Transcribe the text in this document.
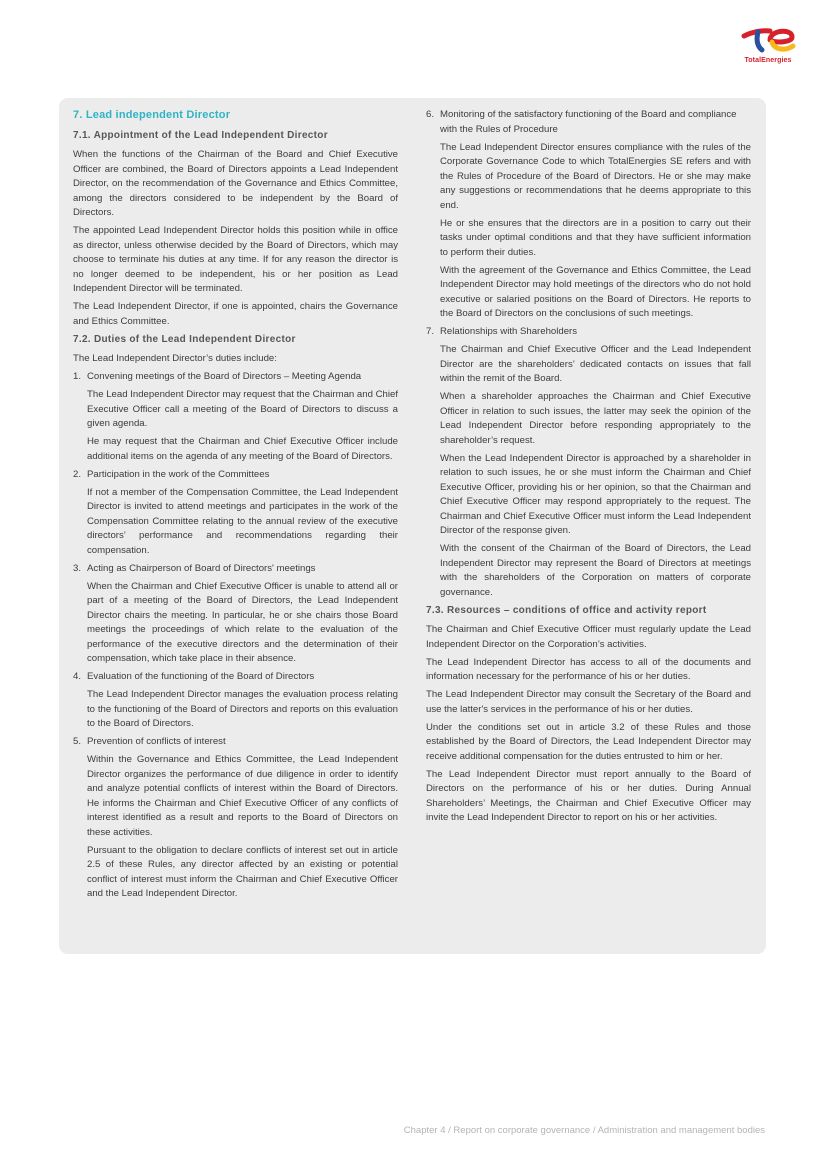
TotalEnergies
7. Lead independent Director
7.1. Appointment of the Lead Independent Director

When the functions of the Chairman of the Board and Chief Executive Officer are combined, the Board of Directors appoints a Lead Independent Director, on the recommendation of the Governance and Ethics Committee, among the directors considered to be independent by the Board of Directors.

The appointed Lead Independent Director holds this position while in office as director, unless otherwise decided by the Board of Directors, which may choose to terminate his duties at any time. If for any reason the director is no longer deemed to be independent, his or her position as Lead Independent Director will be terminated.

The Lead Independent Director, if one is appointed, chairs the Governance and Ethics Committee.

7.2. Duties of the Lead Independent Director

The Lead Independent Director’s duties include:

1. Convening meetings of the Board of Directors – Meeting Agenda

The Lead Independent Director may request that the Chairman and Chief Executive Officer call a meeting of the Board of Directors to discuss a given agenda.

He may request that the Chairman and Chief Executive Officer include additional items on the agenda of any meeting of the Board of Directors.

2. Participation in the work of the Committees

If not a member of the Compensation Committee, the Lead Independent Director is invited to attend meetings and participates in the work of the Compensation Committee relating to the annual review of the executive directors’ performance and recommendations regarding their compensation.

3. Acting as Chairperson of Board of Directors' meetings

When the Chairman and Chief Executive Officer is unable to attend all or part of a meeting of the Board of Directors, the Lead Independent Director chairs the meeting. In particular, he or she chairs those Board meetings the proceedings of which relate to the evaluation of the performance of the executive directors and the determination of their compensation, which take place in their absence.

4. Evaluation of the functioning of the Board of Directors

The Lead Independent Director manages the evaluation process relating to the functioning of the Board of Directors and reports on this evaluation to the Board of Directors.

5. Prevention of conflicts of interest

Within the Governance and Ethics Committee, the Lead Independent Director organizes the performance of due diligence in order to identify and analyze potential conflicts of interest within the Board of Directors. He informs the Chairman and Chief Executive Officer of any conflicts of interest identified as a result and reports to the Board of Directors on these activities.

Pursuant to the obligation to declare conflicts of interest set out in article 2.5 of these Rules, any director affected by an existing or potential conflict of interest must inform the Chairman and Chief Executive Officer and the Lead Independent Director.

6. Monitoring of the satisfactory functioning of the Board and compliance with the Rules of Procedure

The Lead Independent Director ensures compliance with the rules of the Corporate Governance Code to which TotalEnergies SE refers and with the Rules of Procedure of the Board of Directors. He or she may make any suggestions or recommendations that he deems appropriate to this end.

He or she ensures that the directors are in a position to carry out their tasks under optimal conditions and that they have sufficient information to perform their duties.

With the agreement of the Governance and Ethics Committee, the Lead Independent Director may hold meetings of the directors who do not hold executive or salaried positions on the Board of Directors. He reports to the Board of Directors on the conclusions of such meetings.

7. Relationships with Shareholders

The Chairman and Chief Executive Officer and the Lead Independent Director are the shareholders’ dedicated contacts on issues that fall within the remit of the Board.

When a shareholder approaches the Chairman and Chief Executive Officer in relation to such issues, the latter may seek the opinion of the Lead Independent Director before responding appropriately to the shareholder’s request.

When the Lead Independent Director is approached by a shareholder in relation to such issues, he or she must inform the Chairman and Chief Executive Officer, providing his or her opinion, so that the Chairman and Chief Executive Officer may respond appropriately to the request. The Chairman and Chief Executive Officer must inform the Lead Independent Director of the response given.

With the consent of the Chairman of the Board of Directors, the Lead Independent Director may represent the Board of Directors at meetings with the shareholders of the Corporation on matters of corporate governance.

7.3. Resources – conditions of office and activity report

The Chairman and Chief Executive Officer must regularly update the Lead Independent Director on the Corporation’s activities.

The Lead Independent Director has access to all of the documents and information necessary for the performance of his or her duties.

The Lead Independent Director may consult the Secretary of the Board and use the latter's services in the performance of his or her duties.

Under the conditions set out in article 3.2 of these Rules and those established by the Board of Directors, the Lead Independent Director may receive additional compensation for the duties entrusted to him or her.

The Lead Independent Director must report annually to the Board of Directors on the performance of his or her duties. During Annual Shareholders’ Meetings, the Chairman and Chief Executive Officer may invite the Lead Independent Director to report on his or her activities.

Chapter 4 / Report on corporate governance / Administration and management bodies
